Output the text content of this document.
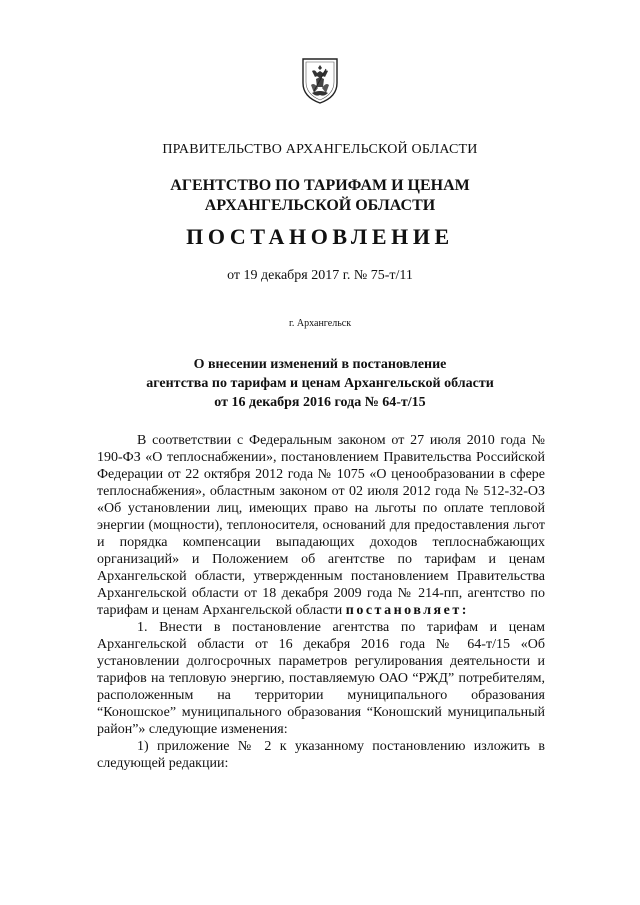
ПРАВИТЕЛЬСТВО АРХАНГЕЛЬСКОЙ ОБЛАСТИ
АГЕНТСТВО ПО ТАРИФАМ И ЦЕНАМ
АРХАНГЕЛЬСКОЙ ОБЛАСТИ
ПОСТАНОВЛЕНИЕ
от 19 декабря 2017 г. № 75-т/11
г. Архангельск
О внесении изменений в постановление
агентства по тарифам и ценам Архангельской области
от 16 декабря 2016 года № 64-т/15

В соответствии с Федеральным законом от 27 июля 2010 года № 190-ФЗ «О теплоснабжении», постановлением Правительства Российской Федерации от 22 октября 2012 года № 1075 «О ценообразовании в сфере теплоснабжения», областным законом от 02 июля 2012 года № 512-32-ОЗ «Об установлении лиц, имеющих право на льготы по оплате тепловой энергии (мощности), теплоносителя, оснований для предоставления льгот и порядка компенсации выпадающих доходов теплоснабжающих организаций» и Положением об агентстве по тарифам и ценам Архангельской области, утвержденным постановлением Правительства Архангельской области от 18 декабря 2009 года № 214-пп, агентство по тарифам и ценам Архангельской области постановляет:

1. Внести в постановление агентства по тарифам и ценам Архангельской области от 16 декабря 2016 года № 64-т/15 «Об установлении долгосрочных параметров регулирования деятельности и тарифов на тепловую энергию, поставляемую ОАО “РЖД” потребителям, расположенным на территории муниципального образования “Коношское” муниципального образования “Коношский муниципальный район”» следующие изменения:

1) приложение № 2 к указанному постановлению изложить в следующей редакции:
